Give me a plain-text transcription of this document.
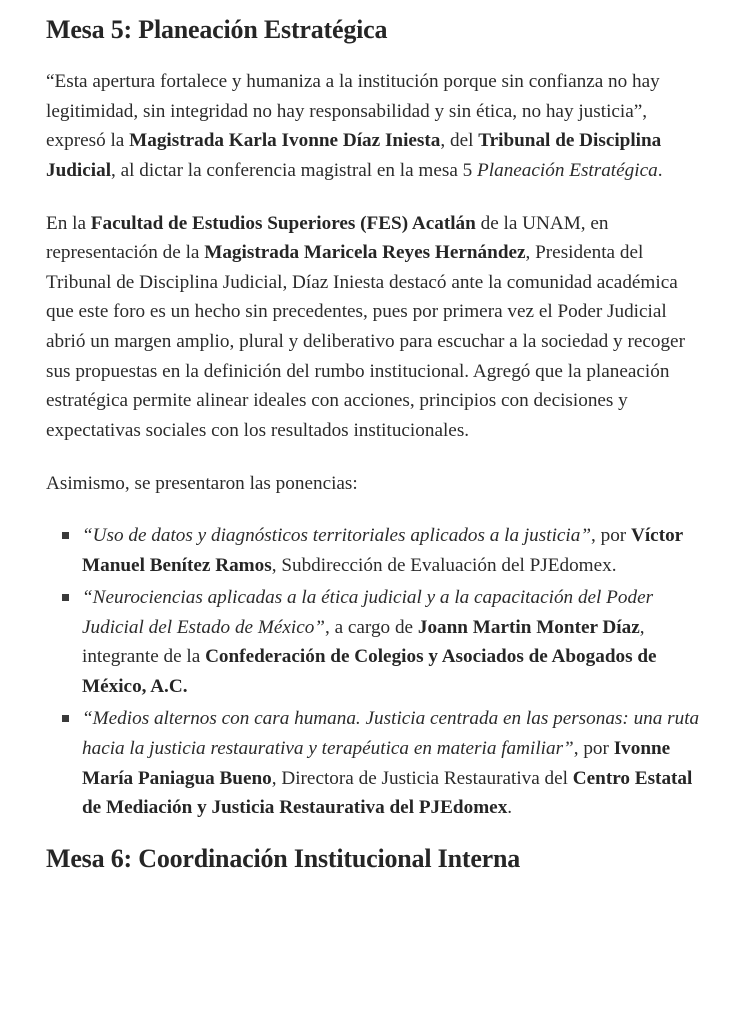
Mesa 5: Planeación Estratégica

“Esta apertura fortalece y humaniza a la institución porque sin confianza no hay legitimidad, sin integridad no hay responsabilidad y sin ética, no hay justicia”, expresó la Magistrada Karla Ivonne Díaz Iniesta, del Tribunal de Disciplina Judicial, al dictar la conferencia magistral en la mesa 5 Planeación Estratégica.

En la Facultad de Estudios Superiores (FES) Acatlán de la UNAM, en representación de la Magistrada Maricela Reyes Hernández, Presidenta del Tribunal de Disciplina Judicial, Díaz Iniesta destacó ante la comunidad académica que este foro es un hecho sin precedentes, pues por primera vez el Poder Judicial abrió un margen amplio, plural y deliberativo para escuchar a la sociedad y recoger sus propuestas en la definición del rumbo institucional. Agregó que la planeación estratégica permite alinear ideales con acciones, principios con decisiones y expectativas sociales con los resultados institucionales.

Asimismo, se presentaron las ponencias:

“Uso de datos y diagnósticos territoriales aplicados a la justicia”, por Víctor Manuel Benítez Ramos, Subdirección de Evaluación del PJEdomex.
“Neurociencias aplicadas a la ética judicial y a la capacitación del Poder Judicial del Estado de México”, a cargo de Joann Martin Monter Díaz, integrante de la Confederación de Colegios y Asociados de Abogados de México, A.C.
“Medios alternos con cara humana. Justicia centrada en las personas: una ruta hacia la justicia restaurativa y terapéutica en materia familiar”, por Ivonne María Paniagua Bueno, Directora de Justicia Restaurativa del Centro Estatal de Mediación y Justicia Restaurativa del PJEdomex.
Mesa 6: Coordinación Institucional Interna
